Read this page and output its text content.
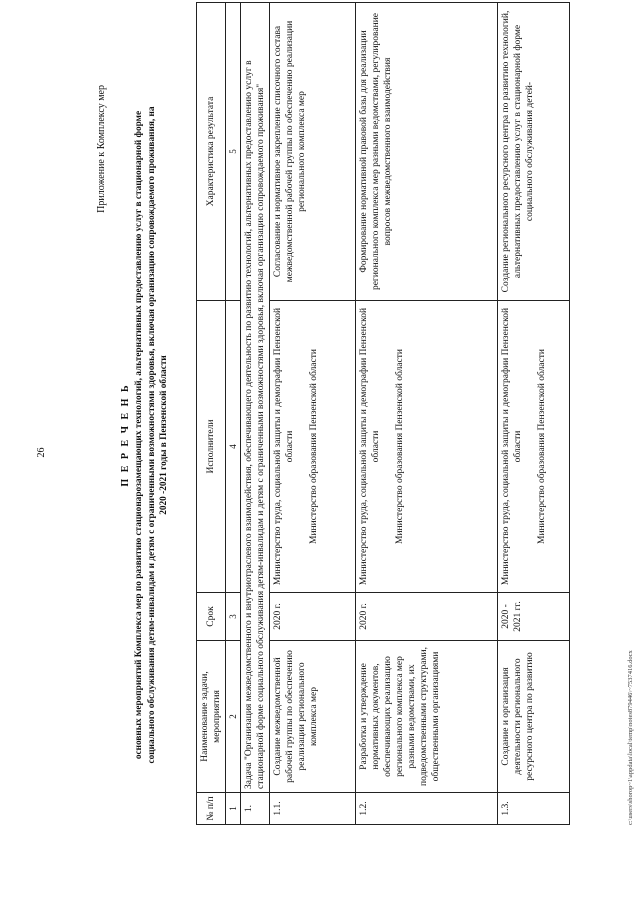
26
Приложение к Комплексу мер
П Е Р Е Ч Е Н Ь основных мероприятий Комплекса мер по развитию стационарозамещающих технологий, альтернативных предоставлению услуг в стационарной форме социального обслуживания детям-инвалидам и детям с ограниченными возможностями здоровья, включая организацию сопровождаемого проживания, на 2020 -2021 годы в Пензенской области
№ п/п	Наименование задачи, мероприятия	Срок	Исполнители	Характеристика результата
1	2	3	4	5
1.	Задача "Организация межведомственного и внутриотраслевого взаимодействия, обеспечивающего деятельность по развитию технологий, альтернативных предоставлению услуг в стационарной форме социального обслуживания детям-инвалидам и детям с ограниченными возможностями здоровья, включая организацию сопровождаемого проживания"			
1.1.	Создание межведомственной рабочей группы по обеспечению реализации регионального комплекса мер	2020 г.	Министерство труда, социальной защиты и демографии Пензенской области Министерство образования Пензенской области	Согласование и нормативное закрепление списочного состава межведомственной рабочей группы по обеспечению реализации регионального комплекса мер
1.2.	Разработка и утверждение нормативных документов, обеспечивающих реализацию регионального комплекса мер разными ведомствами, их подведомственными структурами, общественными организациями	2020 г.	Министерство труда, социальной защиты и демографии Пензенской области Министерство образования Пензенской области	Формирование нормативной правовой базы для реализации регионального комплекса мер разными ведомствами, регулирование вопросов межведомственного взаимодействия
1.3.	Создание и организация деятельности регионального ресурсного центра по развитию	2020 - 2021 гг.	Министерство труда, социальной защиты и демографии Пензенской области Министерство образования Пензенской области	Создание регионального ресурсного центра по развитию технологий, альтернативных предоставлению услуг в стационарной форме социального обслуживания детей-
c:\users\shorop~1\appdata\local\temp\notes879446\~7537416.docx
